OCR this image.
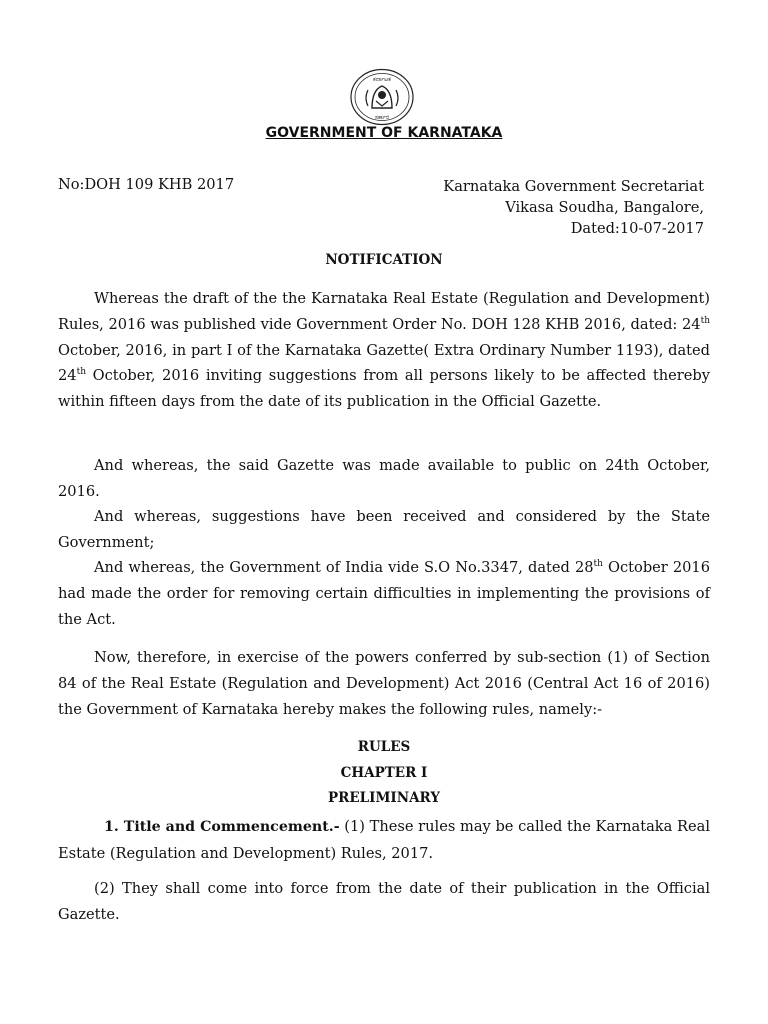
ಕರ್ನಾಟಕ
ಸರ್ಕಾರ
GOVERNMENT OF KARNATAKA
No:DOH 109 KHB 2017	Karnataka Government Secretariat
Vikasa Soudha, Bangalore,
Dated:10-07-2017
NOTIFICATION

Whereas the draft of the the Karnataka Real Estate (Regulation and Development) Rules, 2016 was published vide Government Order No. DOH 128 KHB 2016, dated: 24th October, 2016, in part I of the Karnataka Gazette( Extra Ordinary Number 1193), dated 24th October, 2016 inviting suggestions from all persons likely to be affected thereby within fifteen days from the date of its publication in the Official Gazette.

And whereas, the said Gazette was made available to public on 24th October, 2016.

And whereas, suggestions have been received and considered by the State Government;

And whereas, the Government of India vide S.O No.3347, dated 28th October 2016 had made the order for removing certain difficulties in implementing the provisions of the Act.

Now, therefore, in exercise of the powers conferred by sub-section (1) of Section 84 of the Real Estate (Regulation and Development) Act 2016 (Central Act 16 of 2016) the Government of Karnataka hereby makes the following rules, namely:-

RULES
CHAPTER I
PRELIMINARY

1. Title and Commencement.- (1) These rules may be called the Karnataka Real Estate (Regulation and Development) Rules, 2017.

(2) They shall come into force from the date of their publication in the Official Gazette.
